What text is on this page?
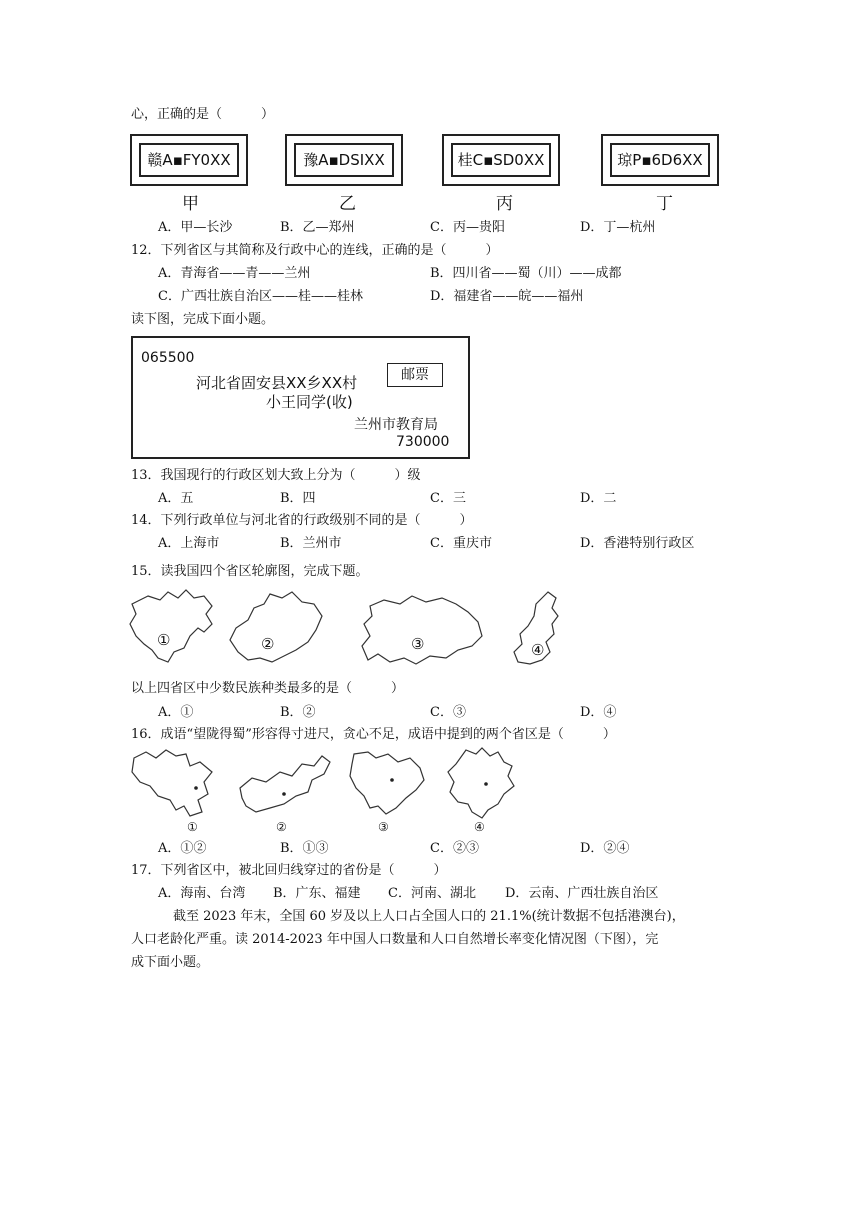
心，正确的是（　　　）
赣A▪FY0XX	豫A▪DSIXX	桂C▪SD0XX	琼P▪6D6XX
甲	乙	丙	丁
A．甲—长沙	B．乙—郑州	C．丙—贵阳	D．丁—杭州
12．下列省区与其简称及行政中心的连线，正确的是（　　　）
A．青海省——青——兰州	B．四川省——蜀（川）——成都
C．广西壮族自治区——桂——桂林	D．福建省——皖——福州
读下图，完成下面小题。
065500
河北省固安县XX乡XX村
小王同学(收)
邮票
兰州市教育局
730000
13．我国现行的行政区划大致上分为（　　　）级
A．五	B．四	C．三	D．二
14．下列行政单位与河北省的行政级别不同的是（　　　）
A．上海市	B．兰州市	C．重庆市	D．香港特别行政区
15．读我国四个省区轮廓图，完成下题。
①	②	③	④
以上四省区中少数民族种类最多的是（　　　）
A．①	B．②	C．③	D．④
16．成语“望陇得蜀”形容得寸进尺，贪心不足，成语中提到的两个省区是（　　　）
①	②	③	④
A．①②	B．①③	C．②③	D．②④
17．下列省区中，被北回归线穿过的省份是（　　　）
A．海南、台湾 B．广东、福建 C．河南、湖北 D．云南、广西壮族自治区
截至 2023 年末，全国 60 岁及以上人口占全国人口的 21.1%(统计数据不包括港澳台)，
人口老龄化严重。读 2014-2023 年中国人口数量和人口自然增长率变化情况图（下图），完
成下面小题。
